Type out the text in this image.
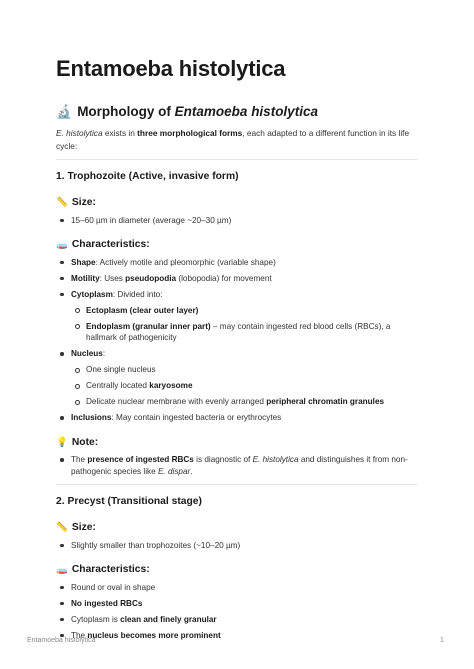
Entamoeba histolytica
🔬 Morphology of Entamoeba histolytica

E. histolytica exists in three morphological forms, each adapted to a different function in its life cycle:

1. Trophozoite (Active, invasive form)
📏 Size:
15–60 µm in diameter (average ~20–30 µm)
🧫 Characteristics:
Shape: Actively motile and pleomorphic (variable shape)
Motility: Uses pseudopodia (lobopodia) for movement
Cytoplasm: Divided into:
Ectoplasm (clear outer layer)
Endoplasm (granular inner part) – may contain ingested red blood cells (RBCs), a hallmark of pathogenicity
Nucleus:
One single nucleus
Centrally located karyosome
Delicate nuclear membrane with evenly arranged peripheral chromatin granules
Inclusions: May contain ingested bacteria or erythrocytes
💡 Note:
The presence of ingested RBCs is diagnostic of E. histolytica and distinguishes it from non-pathogenic species like E. dispar.
2. Precyst (Transitional stage)
📏 Size:
Slightly smaller than trophozoites (~10–20 µm)
🧫 Characteristics:
Round or oval in shape
No ingested RBCs
Cytoplasm is clean and finely granular
The nucleus becomes more prominent
Entamoeba histolytica	1
